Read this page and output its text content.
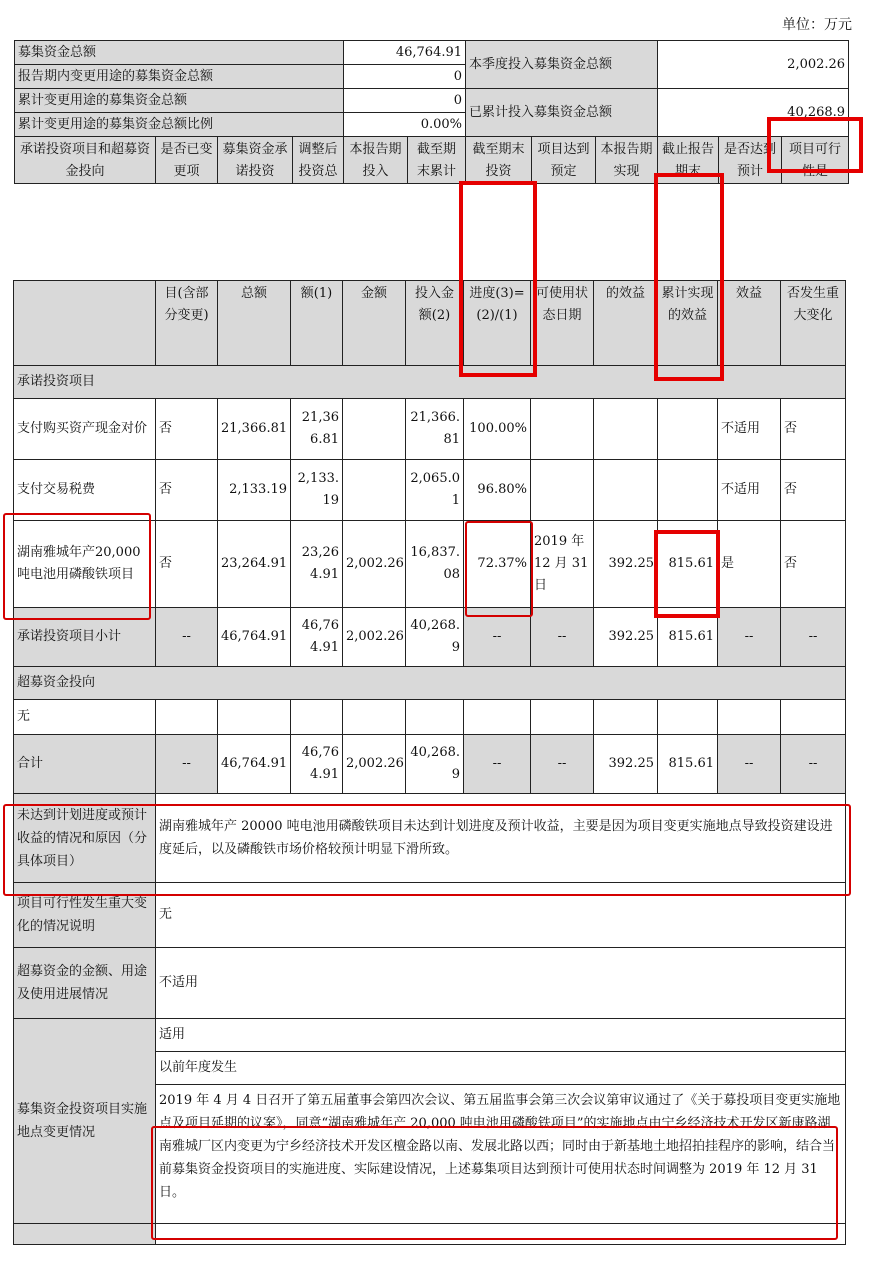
单位：万元
募集资金总额				46,764.91		本季度投入募集资金总额			2,002.26		
报告期内变更用途的募集资金总额				0							
累计变更用途的募集资金总额				0		已累计投入募集资金总额			40,268.9		
累计变更用途的募集资金总额比例				0.00%							
承诺投资项目和超募资金投向	是否已变更项	募集资金承诺投资	调整后投资总	本报告期投入	截至期末累计	截至期末投资	项目达到预定	本报告期实现	截止报告期末	是否达到预计	项目可行性是
	目(含部分变更)	总额	额(1)	金额	投入金额(2)	进度(3)=(2)/(1)	可使用状态日期	的效益	累计实现的效益	效益	否发生重大变化
承诺投资项目											
支付购买资产现金对价	否	21,366.81	21,366.81		21,366.81	100.00%				不适用	否
支付交易税费	否	2,133.19	2,133.19		2,065.01	96.80%				不适用	否
湖南雅城年产20,000 吨电池用磷酸铁项目	否	23,264.91	23,264.91	2,002.26	16,837.08	72.37%	2019 年12 月 31日	392.25	815.61	是	否
承诺投资项目小计	--	46,764.91	46,764.91	2,002.26	40,268.9	--	--	392.25	815.61	--	--
超募资金投向											
无											
合计	--	46,764.91	46,764.91	2,002.26	40,268.9	--	--	392.25	815.61	--	--
未达到计划进度或预计收益的情况和原因（分具体项目）	湖南雅城年产 20000 吨电池用磷酸铁项目未达到计划进度及预计收益，主要是因为项目变更实施地点导致投资建设进度延后，以及磷酸铁市场价格较预计明显下滑所致。										
项目可行性发生重大变化的情况说明	无										
超募资金的金额、用途及使用进展情况	不适用										
募集资金投资项目实施地点变更情况	适用										
	以前年度发生										
	2019 年 4 月 4 日召开了第五届董事会第四次会议、第五届监事会第三次会议第审议通过了《关于募投项目变更实施地点及项目延期的议案》，同意“湖南雅城年产 20,000 吨电池用磷酸铁项目”的实施地点由宁乡经济技术开发区新康路湖南雅城厂区内变更为宁乡经济技术开发区檀金路以南、发展北路以西；同时由于新基地土地招拍挂程序的影响，结合当前募集资金投资项目的实施进度、实际建设情况，上述募集项目达到预计可使用状态时间调整为 2019 年 12 月 31 日。										
